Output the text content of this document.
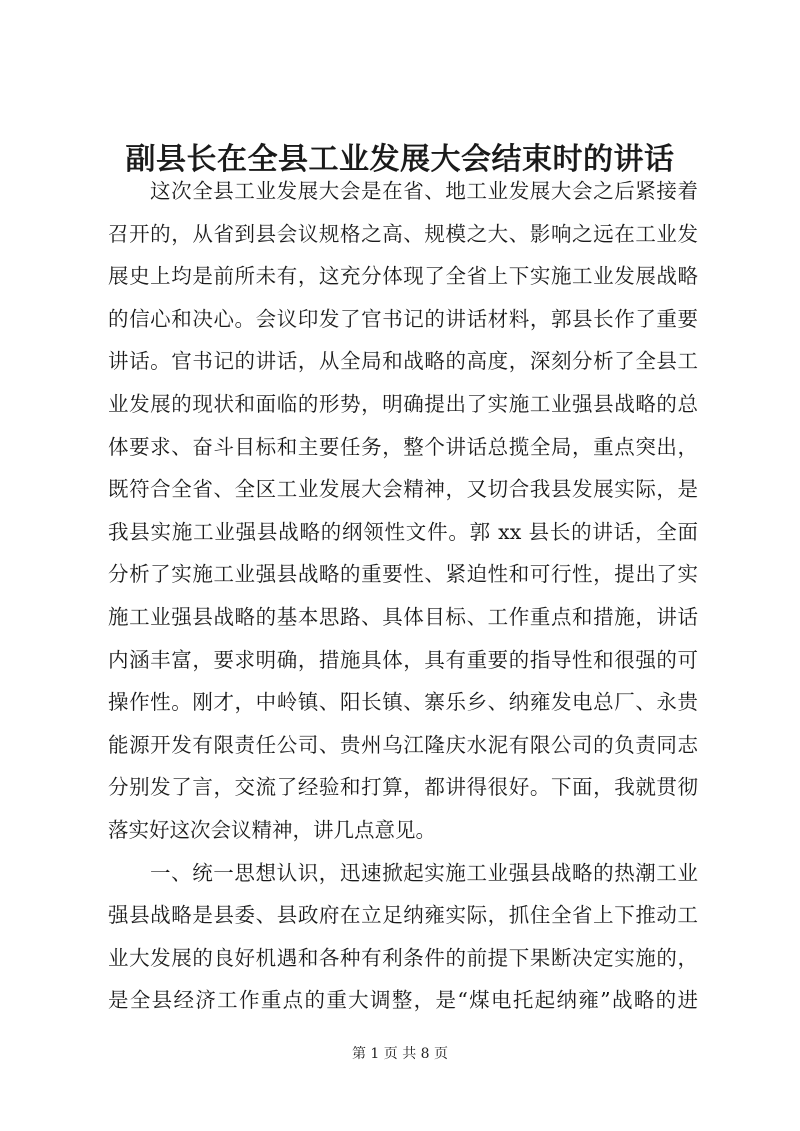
副县长在全县工业发展大会结束时的讲话
这次全县工业发展大会是在省、地工业发展大会之后紧接着
召开的，从省到县会议规格之高、规模之大、影响之远在工业发
展史上均是前所未有，这充分体现了全省上下实施工业发展战略
的信心和决心。会议印发了官书记的讲话材料，郭县长作了重要
讲话。官书记的讲话，从全局和战略的高度，深刻分析了全县工
业发展的现状和面临的形势，明确提出了实施工业强县战略的总
体要求、奋斗目标和主要任务，整个讲话总揽全局，重点突出，
既符合全省、全区工业发展大会精神，又切合我县发展实际，是
我县实施工业强县战略的纲领性文件。郭 xx 县长的讲话，全面
分析了实施工业强县战略的重要性、紧迫性和可行性，提出了实
施工业强县战略的基本思路、具体目标、工作重点和措施，讲话
内涵丰富，要求明确，措施具体，具有重要的指导性和很强的可
操作性。刚才，中岭镇、阳长镇、寨乐乡、纳雍发电总厂、永贵
能源开发有限责任公司、贵州乌江隆庆水泥有限公司的负责同志
分别发了言，交流了经验和打算，都讲得很好。下面，我就贯彻
落实好这次会议精神，讲几点意见。
一、统一思想认识，迅速掀起实施工业强县战略的热潮工业
强县战略是县委、县政府在立足纳雍实际，抓住全省上下推动工
业大发展的良好机遇和各种有利条件的前提下果断决定实施的，
是全县经济工作重点的重大调整，是“煤电托起纳雍”战略的进
第 1 页 共 8 页
